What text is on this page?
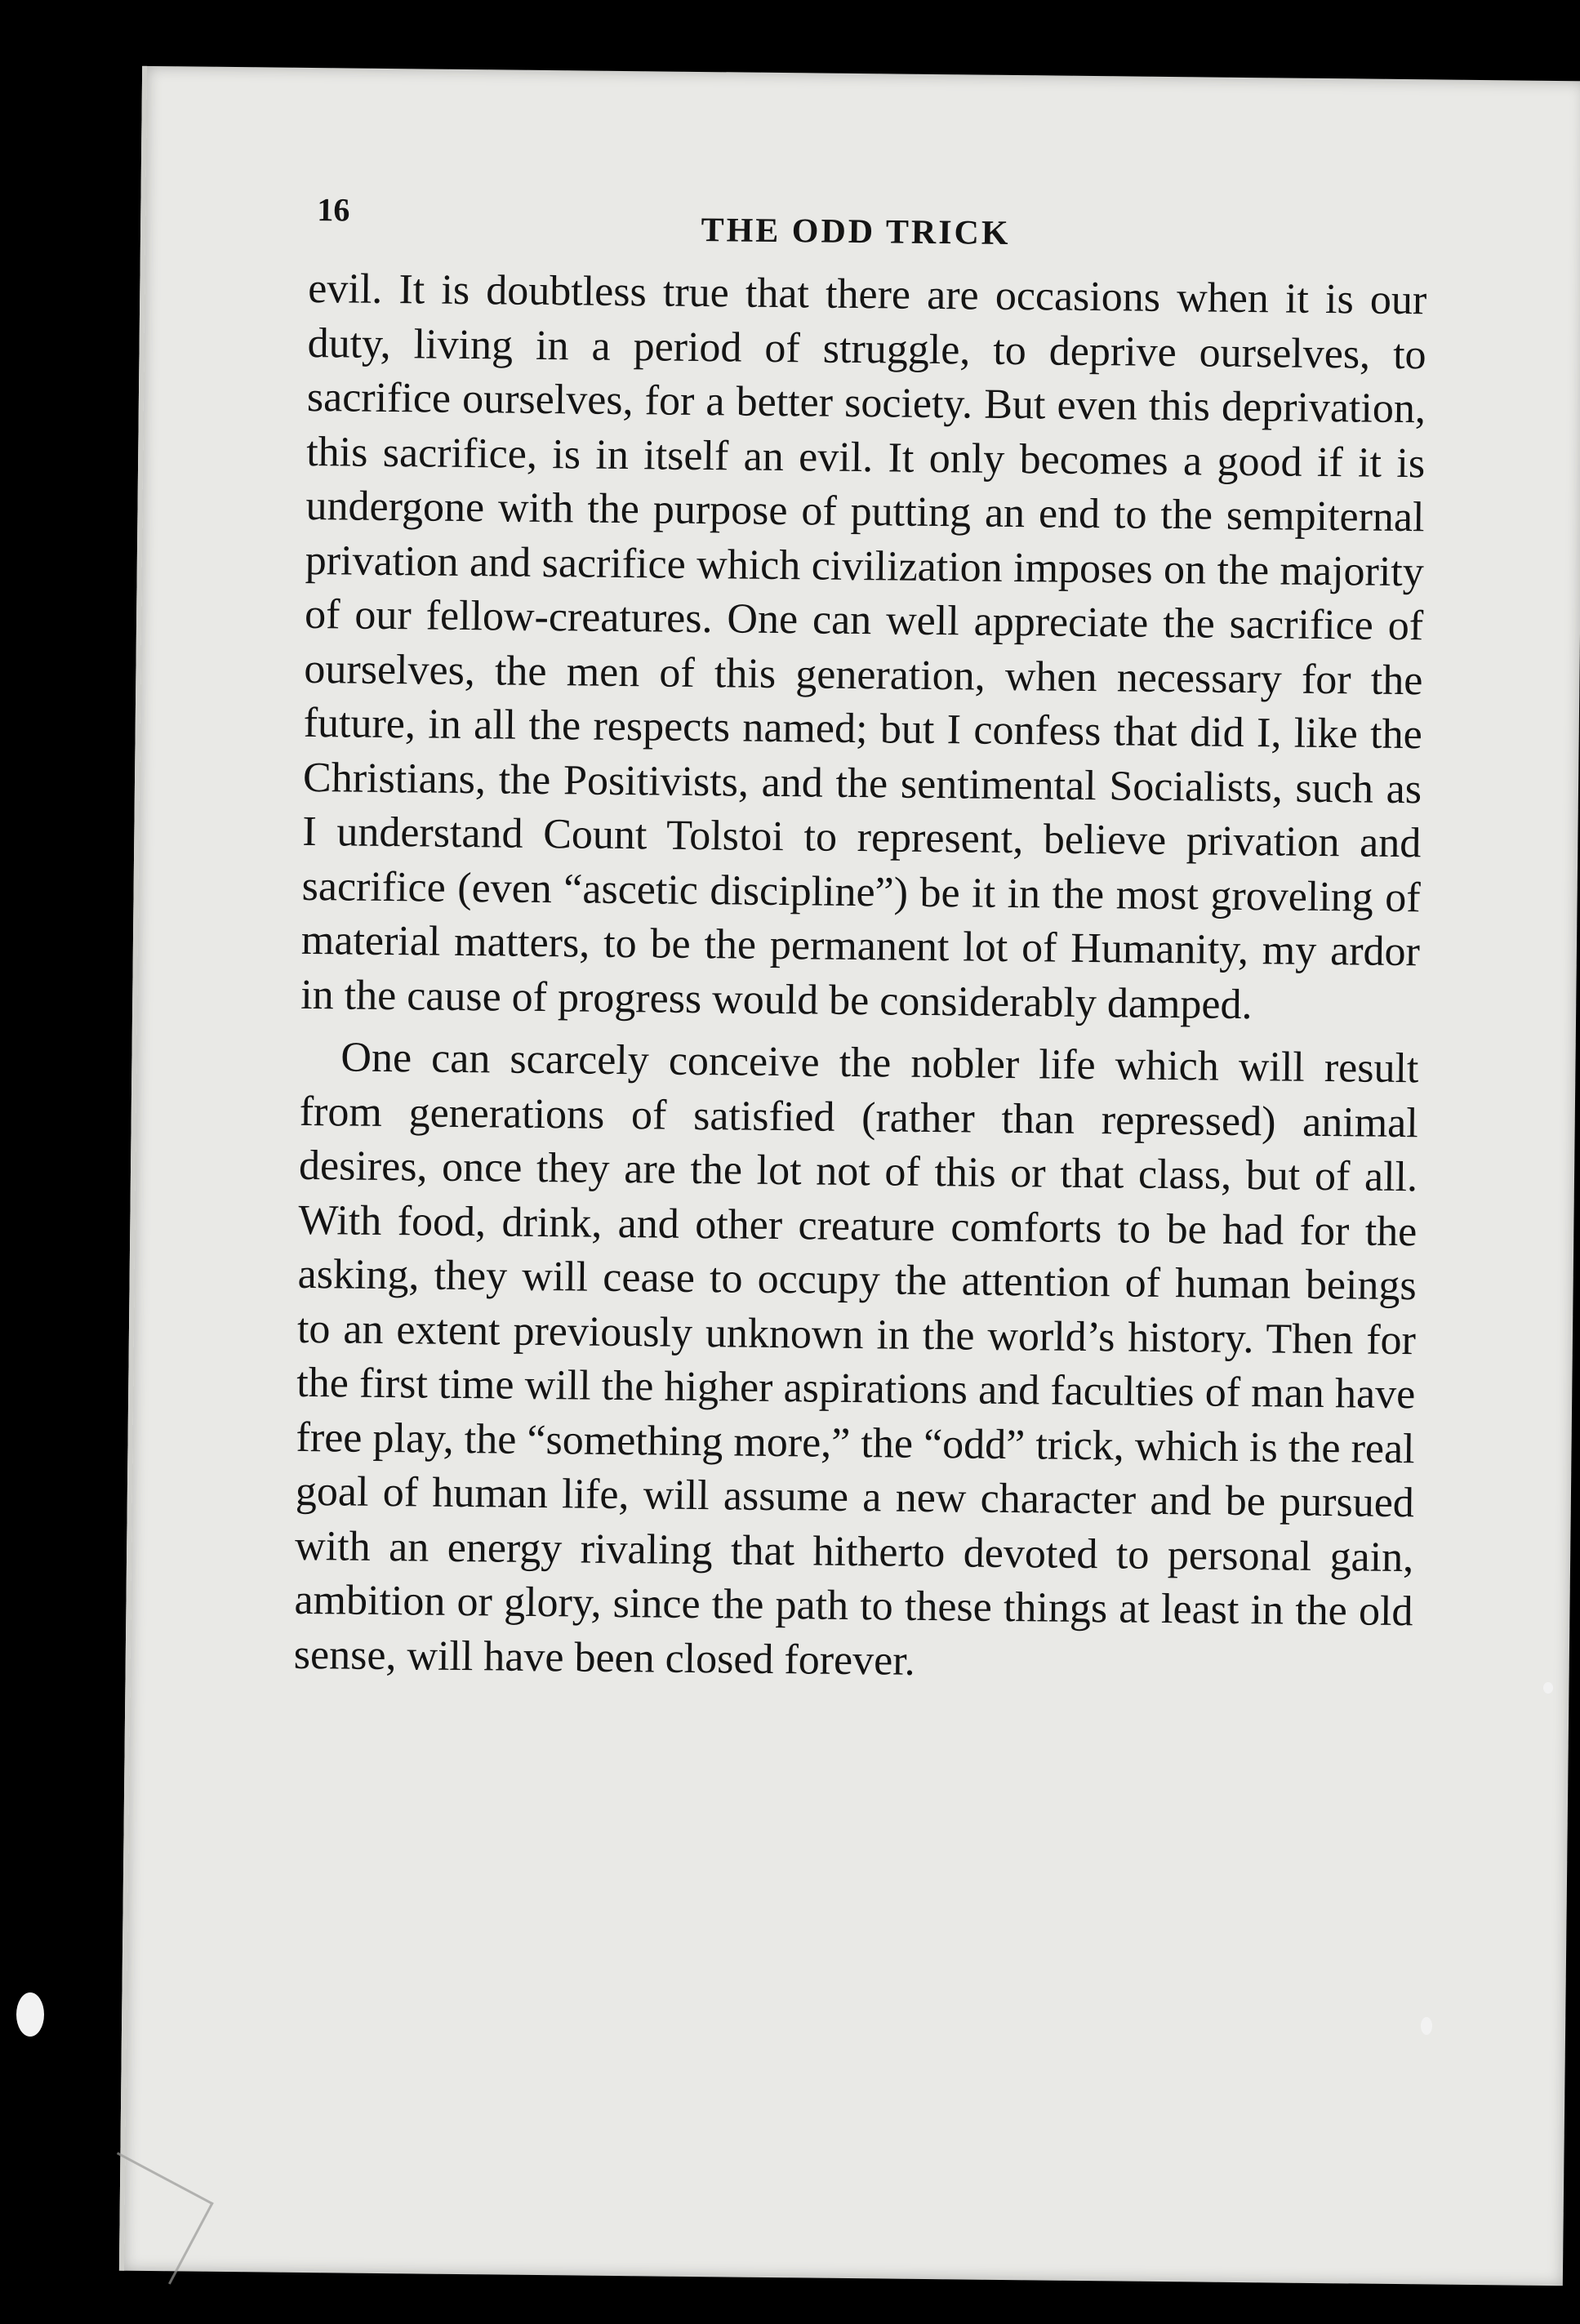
16
THE ODD TRICK

evil. It is doubtless true that there are occasions when it is our duty, living in a period of struggle, to deprive ourselves, to sacrifice ourselves, for a better society. But even this deprivation, this sacrifice, is in itself an evil. It only becomes a good if it is undergone with the purpose of putting an end to the sempiternal privation and sacrifice which civilization imposes on the majority of our fellow-creatures. One can well appreciate the sacrifice of ourselves, the men of this generation, when necessary for the future, in all the respects named; but I confess that did I, like the Christians, the Positivists, and the sentimental Socialists, such as I understand Count Tolstoi to represent, believe privation and sacrifice (even “ascetic discipline”) be it in the most groveling of material matters, to be the permanent lot of Humanity, my ardor in the cause of progress would be considerably damped.

One can scarcely conceive the nobler life which will result from generations of satisfied (rather than repressed) animal desires, once they are the lot not of this or that class, but of all. With food, drink, and other creature comforts to be had for the asking, they will cease to occupy the attention of human beings to an extent previously unknown in the world’s history. Then for the first time will the higher aspirations and faculties of man have free play, the “something more,” the “odd” trick, which is the real goal of human life, will assume a new character and be pursued with an energy rivaling that hitherto devoted to personal gain, ambition or glory, since the path to these things at least in the old sense, will have been closed forever.
